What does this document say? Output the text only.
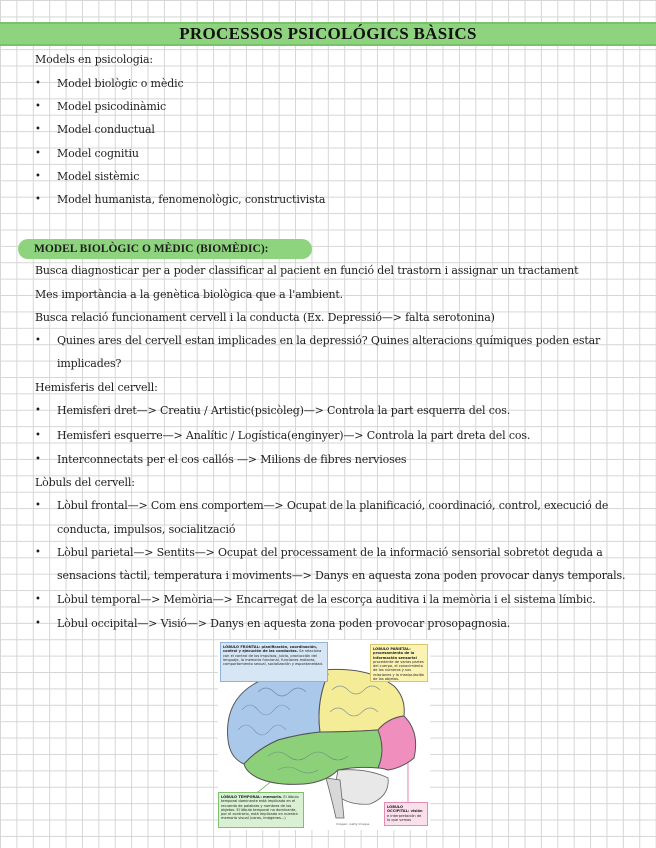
PROCESSOS PSICOLÓGICS BÀSICS
Models en psicologia:
• Model biològic o mèdic
• Model psicodinàmic
• Model conductual
• Model cognitiu
• Model sistèmic
• Model humanista, fenomenològic, constructivista
MODEL BIOLÒGIC O MÈDIC (BIOMÈDIC):
Busca diagnosticar per a poder classificar al pacient en funció del trastorn i assignar un tractament
Mes importància a la genètica biològica que a l'ambient.
Busca relació funcionament cervell i la conducta (Ex. Depressió—> falta serotonina)
• Quines ares del cervell estan implicades en la depressió? Quines alteracions químiques poden estar
implicades?
Hemisferis del cervell:
• Hemisferi dret—> Creatiu / Artistic(psicòleg)—> Controla la part esquerra del cos.
• Hemisferi esquerre—> Analític / Logística(enginyer)—> Controla la part dreta del cos.
• Interconnectats per el cos callós —> Milions de fibres nervioses
Lòbuls del cervell:
• Lòbul frontal—> Com ens comportem—> Ocupat de la planificació, coordinació, control, execució de
conducta, impulsos, socialització
• Lòbul parietal—> Sentits—> Ocupat del processament de la informació sensorial sobretot deguda a
sensacions tàctil, temperatura i moviments—> Danys en aquesta zona poden provocar danys temporals.
• Lòbul temporal—> Memòria—> Encarregat de la escorça auditiva i la memòria i el sistema límbic.
• Lòbul occipital—> Visió—> Danys en aquesta zona poden provocar prosopagnosia.
LÓBULO FRONTAL: planificación, coordinación, control y ejecución de las conductas. Se relaciona con el control de los impulsos, juicio, producción del lenguaje, la memoria funcional, funciones motoras, comportamiento sexual, socialización y espontaneidad.
LÓBULO PARIETAL: procesamiento de la información sensorial procedente de varias partes del cuerpo, el conocimiento de los números y sus relaciones y la manipulación de los objetos.
LÓBULO TEMPORAL: memoria. El lóbulo temporal dominante está implicado en el recuerdo de palabras y nombres de los objetos. El lóbulo temporal no dominante, por el contrario, está implicado en nuestra memoria visual (caras, imágenes...)
LÓBULO OCCIPITAL: visión e interpretación de lo que vemos
Imagen: Getty Images
